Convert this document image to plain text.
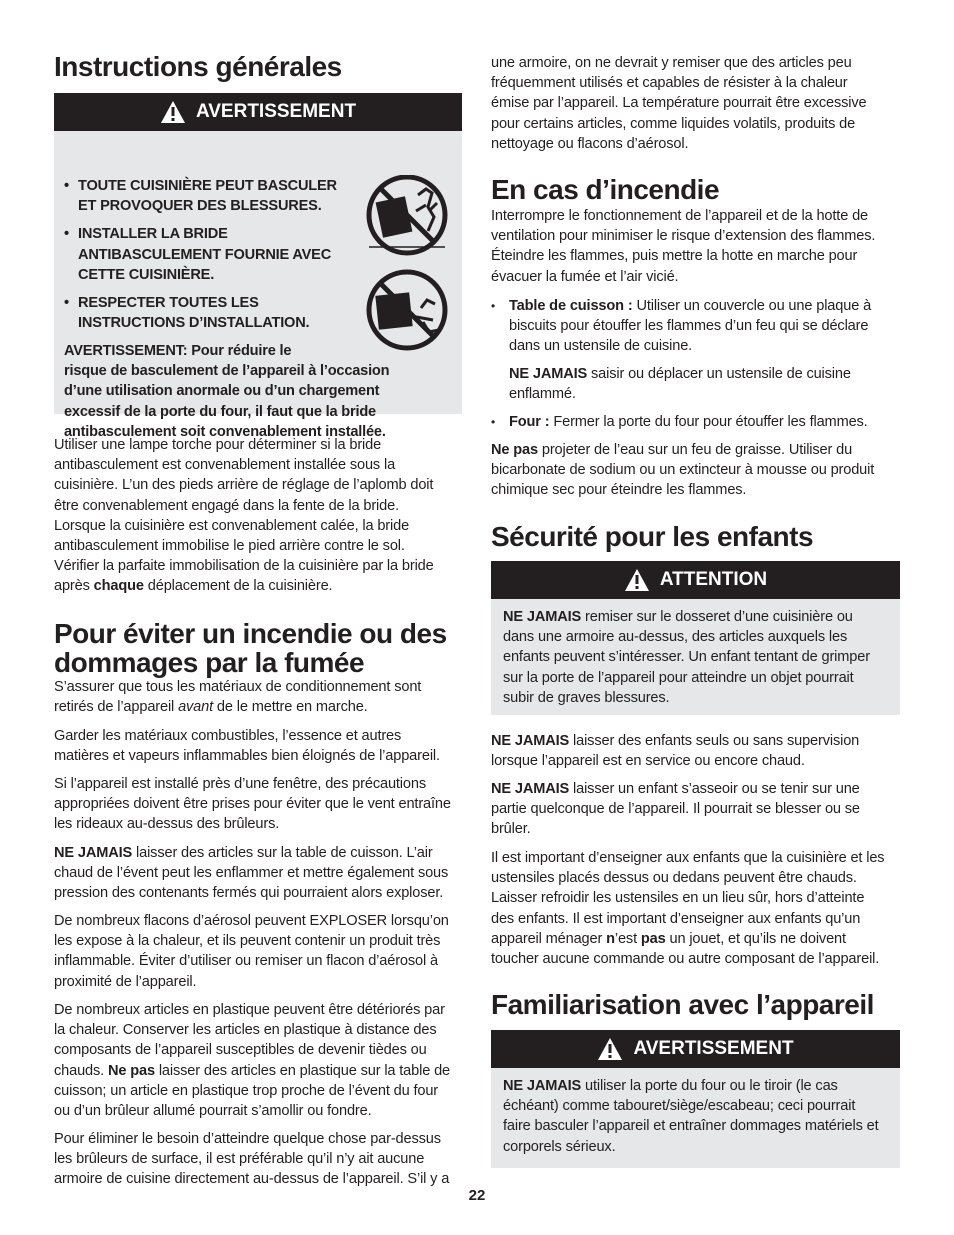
Instructions générales
AVERTISSEMENT
• TOUTE CUISINIÈRE PEUT BASCULER
ET PROVOQUER DES BLESSURES.
• INSTALLER LA BRIDE
ANTIBASCULEMENT FOURNIE AVEC
CETTE CUISINIÈRE.
• RESPECTER TOUTES LES
INSTRUCTIONS D’INSTALLATION.
AVERTISSEMENT: Pour réduire le
risque de basculement de l’appareil à l’occasion
d’une utilisation anormale ou d’un chargement
excessif de la porte du four, il faut que la bride
antibasculement soit convenablement installée.

Utiliser une lampe torche pour déterminer si la bride

antibasculement est convenablement installée sous la

cuisinière. L’un des pieds arrière de réglage de l’aplomb doit

être convenablement engagé dans la fente de la bride.

Lorsque la cuisinière est convenablement calée, la bride

antibasculement immobilise le pied arrière contre le sol.

Vérifier la parfaite immobilisation de la cuisinière par la bride

après chaque déplacement de la cuisinière.

Pour éviter un incendie ou des
dommages par la fumée

S’assurer que tous les matériaux de conditionnement sont

retirés de l’appareil avant de le mettre en marche.

Garder les matériaux combustibles, l’essence et autres

matières et vapeurs inflammables bien éloignés de l’appareil.

Si l’appareil est installé près d’une fenêtre, des précautions

appropriées doivent être prises pour éviter que le vent entraîne

les rideaux au-dessus des brûleurs.

NE JAMAIS laisser des articles sur la table de cuisson. L’air

chaud de l’évent peut les enflammer et mettre également sous

pression des contenants fermés qui pourraient alors exploser.

De nombreux flacons d’aérosol peuvent EXPLOSER lorsqu’on

les expose à la chaleur, et ils peuvent contenir un produit très

inflammable. Éviter d’utiliser ou remiser un flacon d’aérosol à

proximité de l’appareil.

De nombreux articles en plastique peuvent être détériorés par

la chaleur. Conserver les articles en plastique à distance des

composants de l’appareil susceptibles de devenir tièdes ou

chauds. Ne pas laisser des articles en plastique sur la table de

cuisson; un article en plastique trop proche de l’évent du four

ou d’un brûleur allumé pourrait s’amollir ou fondre.

Pour éliminer le besoin d’atteindre quelque chose par-dessus

les brûleurs de surface, il est préférable qu’il n’y ait aucune

armoire de cuisine directement au-dessus de l’appareil. S’il y a

une armoire, on ne devrait y remiser que des articles peu

fréquemment utilisés et capables de résister à la chaleur

émise par l’appareil. La température pourrait être excessive

pour certains articles, comme liquides volatils, produits de

nettoyage ou flacons d’aérosol.

En cas d’incendie

Interrompre le fonctionnement de l’appareil et de la hotte de

ventilation pour minimiser le risque d’extension des flammes.

Éteindre les flammes, puis mettre la hotte en marche pour

évacuer la fumée et l’air vicié.

• Table de cuisson : Utiliser un couvercle ou une plaque à

biscuits pour étouffer les flammes d’un feu qui se déclare

dans un ustensile de cuisine.

NE JAMAIS saisir ou déplacer un ustensile de cuisine

enflammé.

• Four : Fermer la porte du four pour étouffer les flammes.

Ne pas projeter de l’eau sur un feu de graisse. Utiliser du

bicarbonate de sodium ou un extincteur à mousse ou produit

chimique sec pour éteindre les flammes.

Sécurité pour les enfants
ATTENTION

NE JAMAIS remiser sur le dosseret d’une cuisinière ou

dans une armoire au-dessus, des articles auxquels les

enfants peuvent s’intéresser. Un enfant tentant de grimper

sur la porte de l’appareil pour atteindre un objet pourrait

subir de graves blessures.

NE JAMAIS laisser des enfants seuls ou sans supervision

lorsque l’appareil est en service ou encore chaud.

NE JAMAIS laisser un enfant s’asseoir ou se tenir sur une

partie quelconque de l’appareil. Il pourrait se blesser ou se

brûler.

Il est important d’enseigner aux enfants que la cuisinière et les

ustensiles placés dessus ou dedans peuvent être chauds.

Laisser refroidir les ustensiles en un lieu sûr, hors d’atteinte

des enfants. Il est important d’enseigner aux enfants qu’un

appareil ménager n’est pas un jouet, et qu’ils ne doivent

toucher aucune commande ou autre composant de l’appareil.

Familiarisation avec l’appareil
AVERTISSEMENT

NE JAMAIS utiliser la porte du four ou le tiroir (le cas

échéant) comme tabouret/siège/escabeau; ceci pourrait

faire basculer l’appareil et entraîner dommages matériels et

corporels sérieux.

22
